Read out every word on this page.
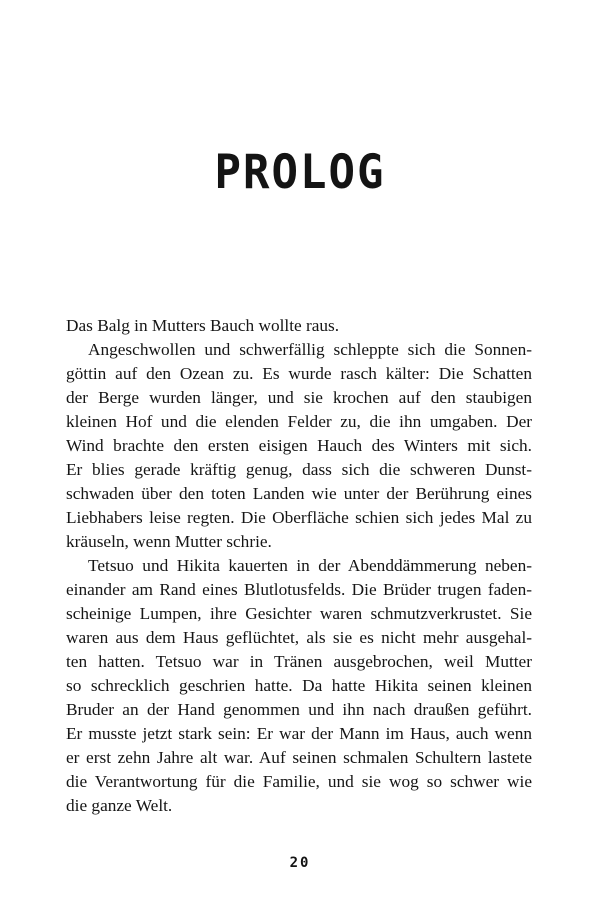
PROLOG
Das Balg in Mutters Bauch wollte raus.
Angeschwollen und schwerfällig schleppte sich die Sonnen-
göttin auf den Ozean zu. Es wurde rasch kälter: Die Schatten
der Berge wurden länger, und sie krochen auf den staubigen
kleinen Hof und die elenden Felder zu, die ihn umgaben. Der
Wind brachte den ersten eisigen Hauch des Winters mit sich.
Er blies gerade kräftig genug, dass sich die schweren Dunst-
schwaden über den toten Landen wie unter der Berührung eines
Liebhabers leise regten. Die Oberfläche schien sich jedes Mal zu
kräuseln, wenn Mutter schrie.
Tetsuo und Hikita kauerten in der Abenddämmerung neben-
einander am Rand eines Blutlotusfelds. Die Brüder trugen faden-
scheinige Lumpen, ihre Gesichter waren schmutzverkrustet. Sie
waren aus dem Haus geflüchtet, als sie es nicht mehr ausgehal-
ten hatten. Tetsuo war in Tränen ausgebrochen, weil Mutter
so schrecklich geschrien hatte. Da hatte Hikita seinen kleinen
Bruder an der Hand genommen und ihn nach draußen geführt.
Er musste jetzt stark sein: Er war der Mann im Haus, auch wenn
er erst zehn Jahre alt war. Auf seinen schmalen Schultern lastete
die Verantwortung für die Familie, und sie wog so schwer wie
die ganze Welt.
20
